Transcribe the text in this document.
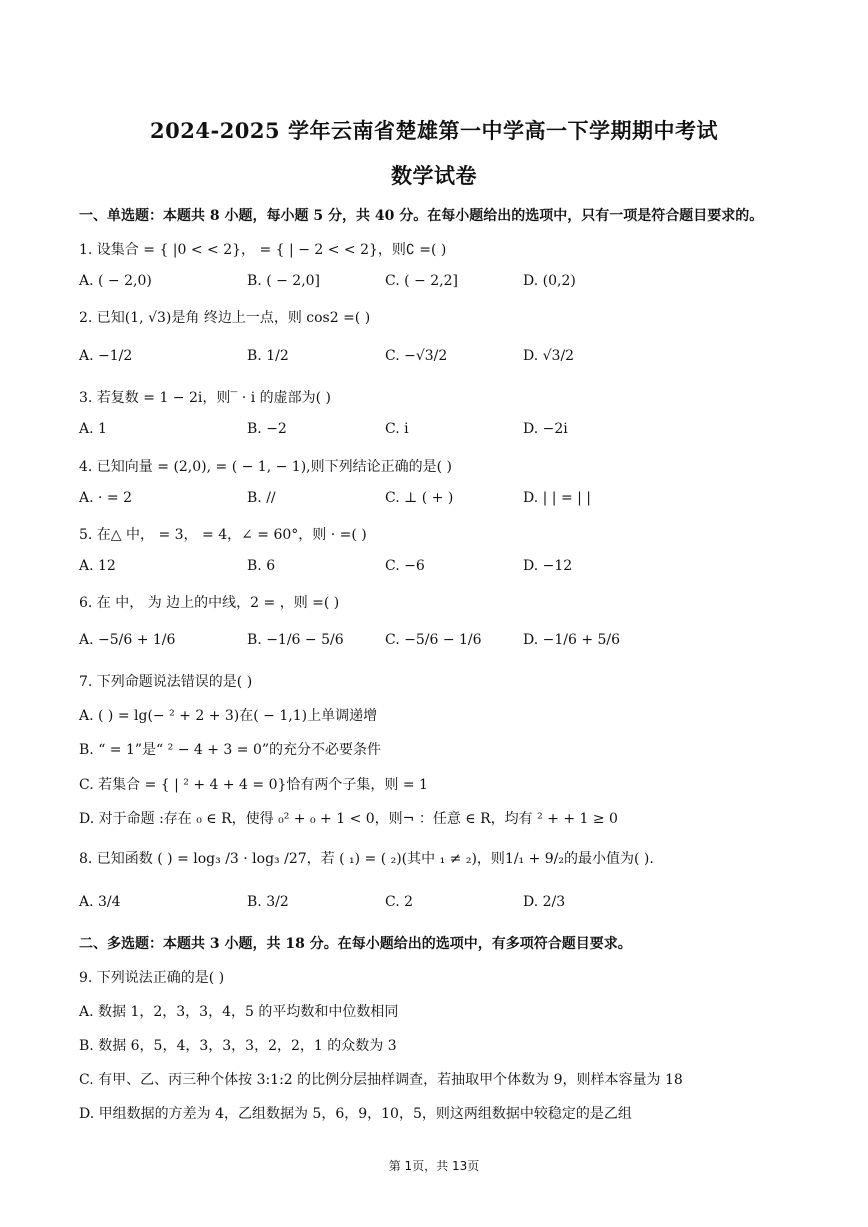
2024-2025 学年云南省楚雄第一中学高一下学期期中考试
数学试卷
一、单选题：本题共 8 小题，每小题 5 分，共 40 分。在每小题给出的选项中，只有一项是符合题目要求的。
1. 设集合 = { |0 < < 2}， = { | − 2 < < 2}，则∁ =( )
A. ( − 2,0)	B. ( − 2,0]	C. ( − 2,2]	D. (0,2)
2. 已知(1, √3)是角 终边上一点，则 cos2 =( )
A. −1/2	B. 1/2	C. −√3/2	D. √3/2
3. 若复数 = 1 − 2i，则‾ · i 的虚部为( )
A. 1	B. −2	C. i	D. −2i
4. 已知向量 = (2,0), = ( − 1, − 1),则下列结论正确的是( )
A. · = 2	B. //	C. ⊥ ( + )	D. | | = | |
5. 在△ 中， = 3， = 4，∠ = 60°，则 · =( )
A. 12	B. 6	C. −6	D. −12
6. 在 中， 为 边上的中线，2 = ，则 =( )
A. −5/6 + 1/6	B. −1/6 − 5/6	C. −5/6 − 1/6	D. −1/6 + 5/6
7. 下列命题说法错误的是( )
A. ( ) = lg(− ² + 2 + 3)在( − 1,1)上单调递增
B. “ = 1”是“ ² − 4 + 3 = 0”的充分不必要条件
C. 若集合 = { | ² + 4 + 4 = 0}恰有两个子集，则 = 1
D. 对于命题 :存在 ₀ ∈ R，使得 ₀² + ₀ + 1 < 0，则¬ ：任意 ∈ R，均有 ² + + 1 ≥ 0
8. 已知函数 ( ) = log₃ /3 · log₃ /27，若 ( ₁) = ( ₂)(其中 ₁ ≠ ₂)，则1/₁ + 9/₂的最小值为( ).
A. 3/4	B. 3/2	C. 2	D. 2/3
二、多选题：本题共 3 小题，共 18 分。在每小题给出的选项中，有多项符合题目要求。
9. 下列说法正确的是( )
A. 数据 1，2，3，3，4，5 的平均数和中位数相同
B. 数据 6，5，4，3，3，3，2，2，1 的众数为 3
C. 有甲、乙、丙三种个体按 3:1:2 的比例分层抽样调查，若抽取甲个体数为 9，则样本容量为 18
D. 甲组数据的方差为 4，乙组数据为 5，6，9，10，5，则这两组数据中较稳定的是乙组
第 1页，共 13页
